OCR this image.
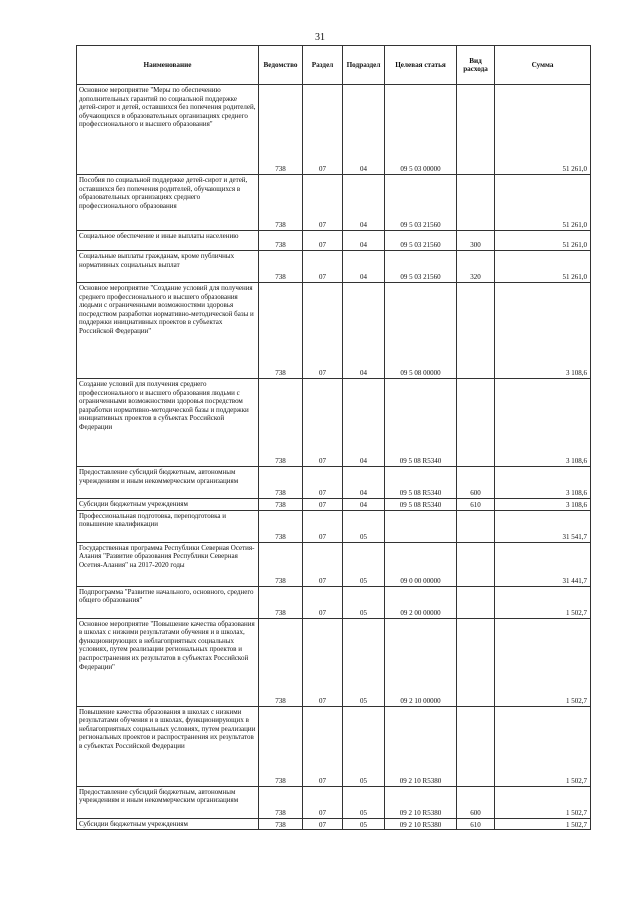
31
Наименование	Ведомство	Раздел	Подраздел	Целевая статья	Вид расхода	Сумма
Основное мероприятие "Меры по обеспечению дополнительных гарантий по социальной поддержке детей-сирот и детей, оставшихся без попечения родителей, обучающихся в образовательных организациях среднего профессионального и высшего образования"	738	07	04	09 5 03 00000		51 261,0
Пособия по социальной поддержке детей-сирот и детей, оставшихся без попечения родителей, обучающихся в образовательных организациях среднего профессионального образования	738	07	04	09 5 03 21560		51 261,0
Социальное обеспечение и иные выплаты населению	738	07	04	09 5 03 21560	300	51 261,0
Социальные выплаты гражданам, кроме публичных нормативных социальных выплат	738	07	04	09 5 03 21560	320	51 261,0
Основное мероприятие "Создание условий для получения среднего профессионального и высшего образования людьми с ограниченными возможностями здоровья посредством разработки нормативно-методической базы и поддержки инициативных проектов в субъектах Российской Федерации"	738	07	04	09 5 08 00000		3 108,6
Создание условий для получения среднего профессионального и высшего образования людьми с ограниченными возможностями здоровья посредством разработки нормативно-методической базы и поддержки инициативных проектов в субъектах Российской Федерации	738	07	04	09 5 08 R5340		3 108,6
Предоставление субсидий бюджетным, автономным учреждениям и иным некоммерческим организациям	738	07	04	09 5 08 R5340	600	3 108,6
Субсидии бюджетным учреждениям	738	07	04	09 5 08 R5340	610	3 108,6
Профессиональная подготовка, переподготовка и повышение квалификации	738	07	05			31 541,7
Государственная программа Республики Северная Осетия-Алания "Развитие образования Республики Северная Осетия-Алания" на 2017-2020 годы	738	07	05	09 0 00 00000		31 441,7
Подпрограмма "Развитие начального, основного, среднего общего образования"	738	07	05	09 2 00 00000		1 502,7
Основное мероприятие "Повышение качества образования в школах с низкими результатами обучения и в школах, функционирующих в неблагоприятных социальных условиях, путем реализации региональных проектов и распространения их результатов в субъектах Российской Федерации"	738	07	05	09 2 10 00000		1 502,7
Повышение качества образования в школах с низкими результатами обучения и в школах, функционирующих в неблагоприятных социальных условиях, путем реализации региональных проектов и распространения их результатов в субъектах Российской Федерации	738	07	05	09 2 10 R5380		1 502,7
Предоставление субсидий бюджетным, автономным учреждениям и иным некоммерческим организациям	738	07	05	09 2 10 R5380	600	1 502,7
Субсидии бюджетным учреждениям	738	07	05	09 2 10 R5380	610	1 502,7
